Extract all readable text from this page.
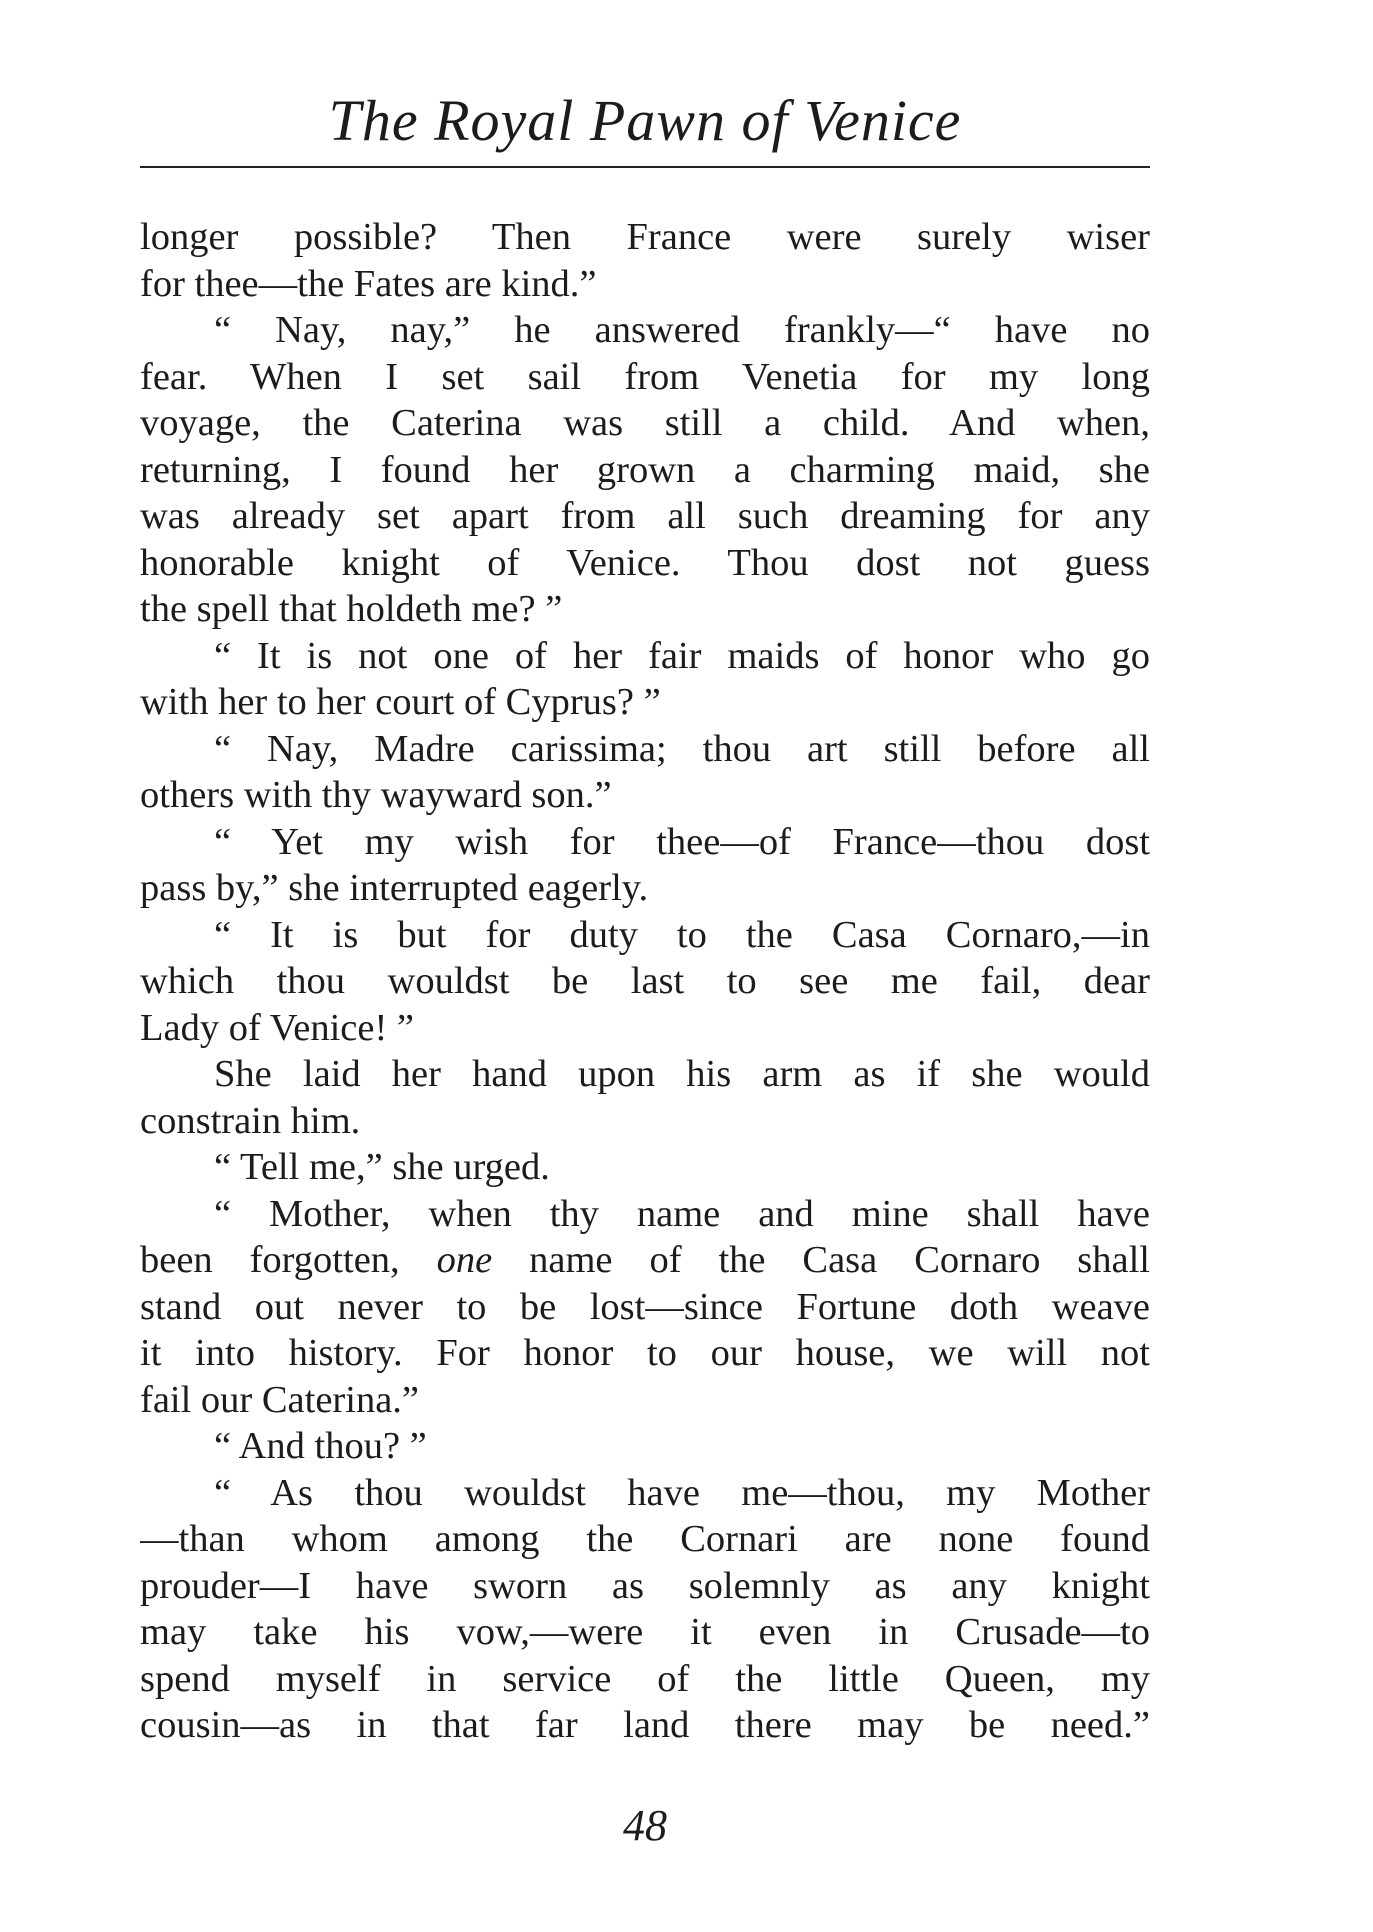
The Royal Pawn of Venice
longer possible? Then France were surely wiser
for thee—the Fates are kind.”
“ Nay, nay,” he answered frankly—“ have no
fear. When I set sail from Venetia for my long
voyage, the Caterina was still a child. And when,
returning, I found her grown a charming maid, she
was already set apart from all such dreaming for any
honorable knight of Venice. Thou dost not guess
the spell that holdeth me? ”
“ It is not one of her fair maids of honor who go
with her to her court of Cyprus? ”
“ Nay, Madre carissima; thou art still before all
others with thy wayward son.”
“ Yet my wish for thee—of France—thou dost
pass by,” she interrupted eagerly.
“ It is but for duty to the Casa Cornaro,—in
which thou wouldst be last to see me fail, dear
Lady of Venice! ”
She laid her hand upon his arm as if she would
constrain him.
“ Tell me,” she urged.
“ Mother, when thy name and mine shall have
been forgotten, one name of the Casa Cornaro shall
stand out never to be lost—since Fortune doth weave
it into history. For honor to our house, we will not
fail our Caterina.”
“ And thou? ”
“ As thou wouldst have me—thou, my Mother
—than whom among the Cornari are none found
prouder—I have sworn as solemnly as any knight
may take his vow,—were it even in Crusade—to
spend myself in service of the little Queen, my
cousin—as in that far land there may be need.”
48
